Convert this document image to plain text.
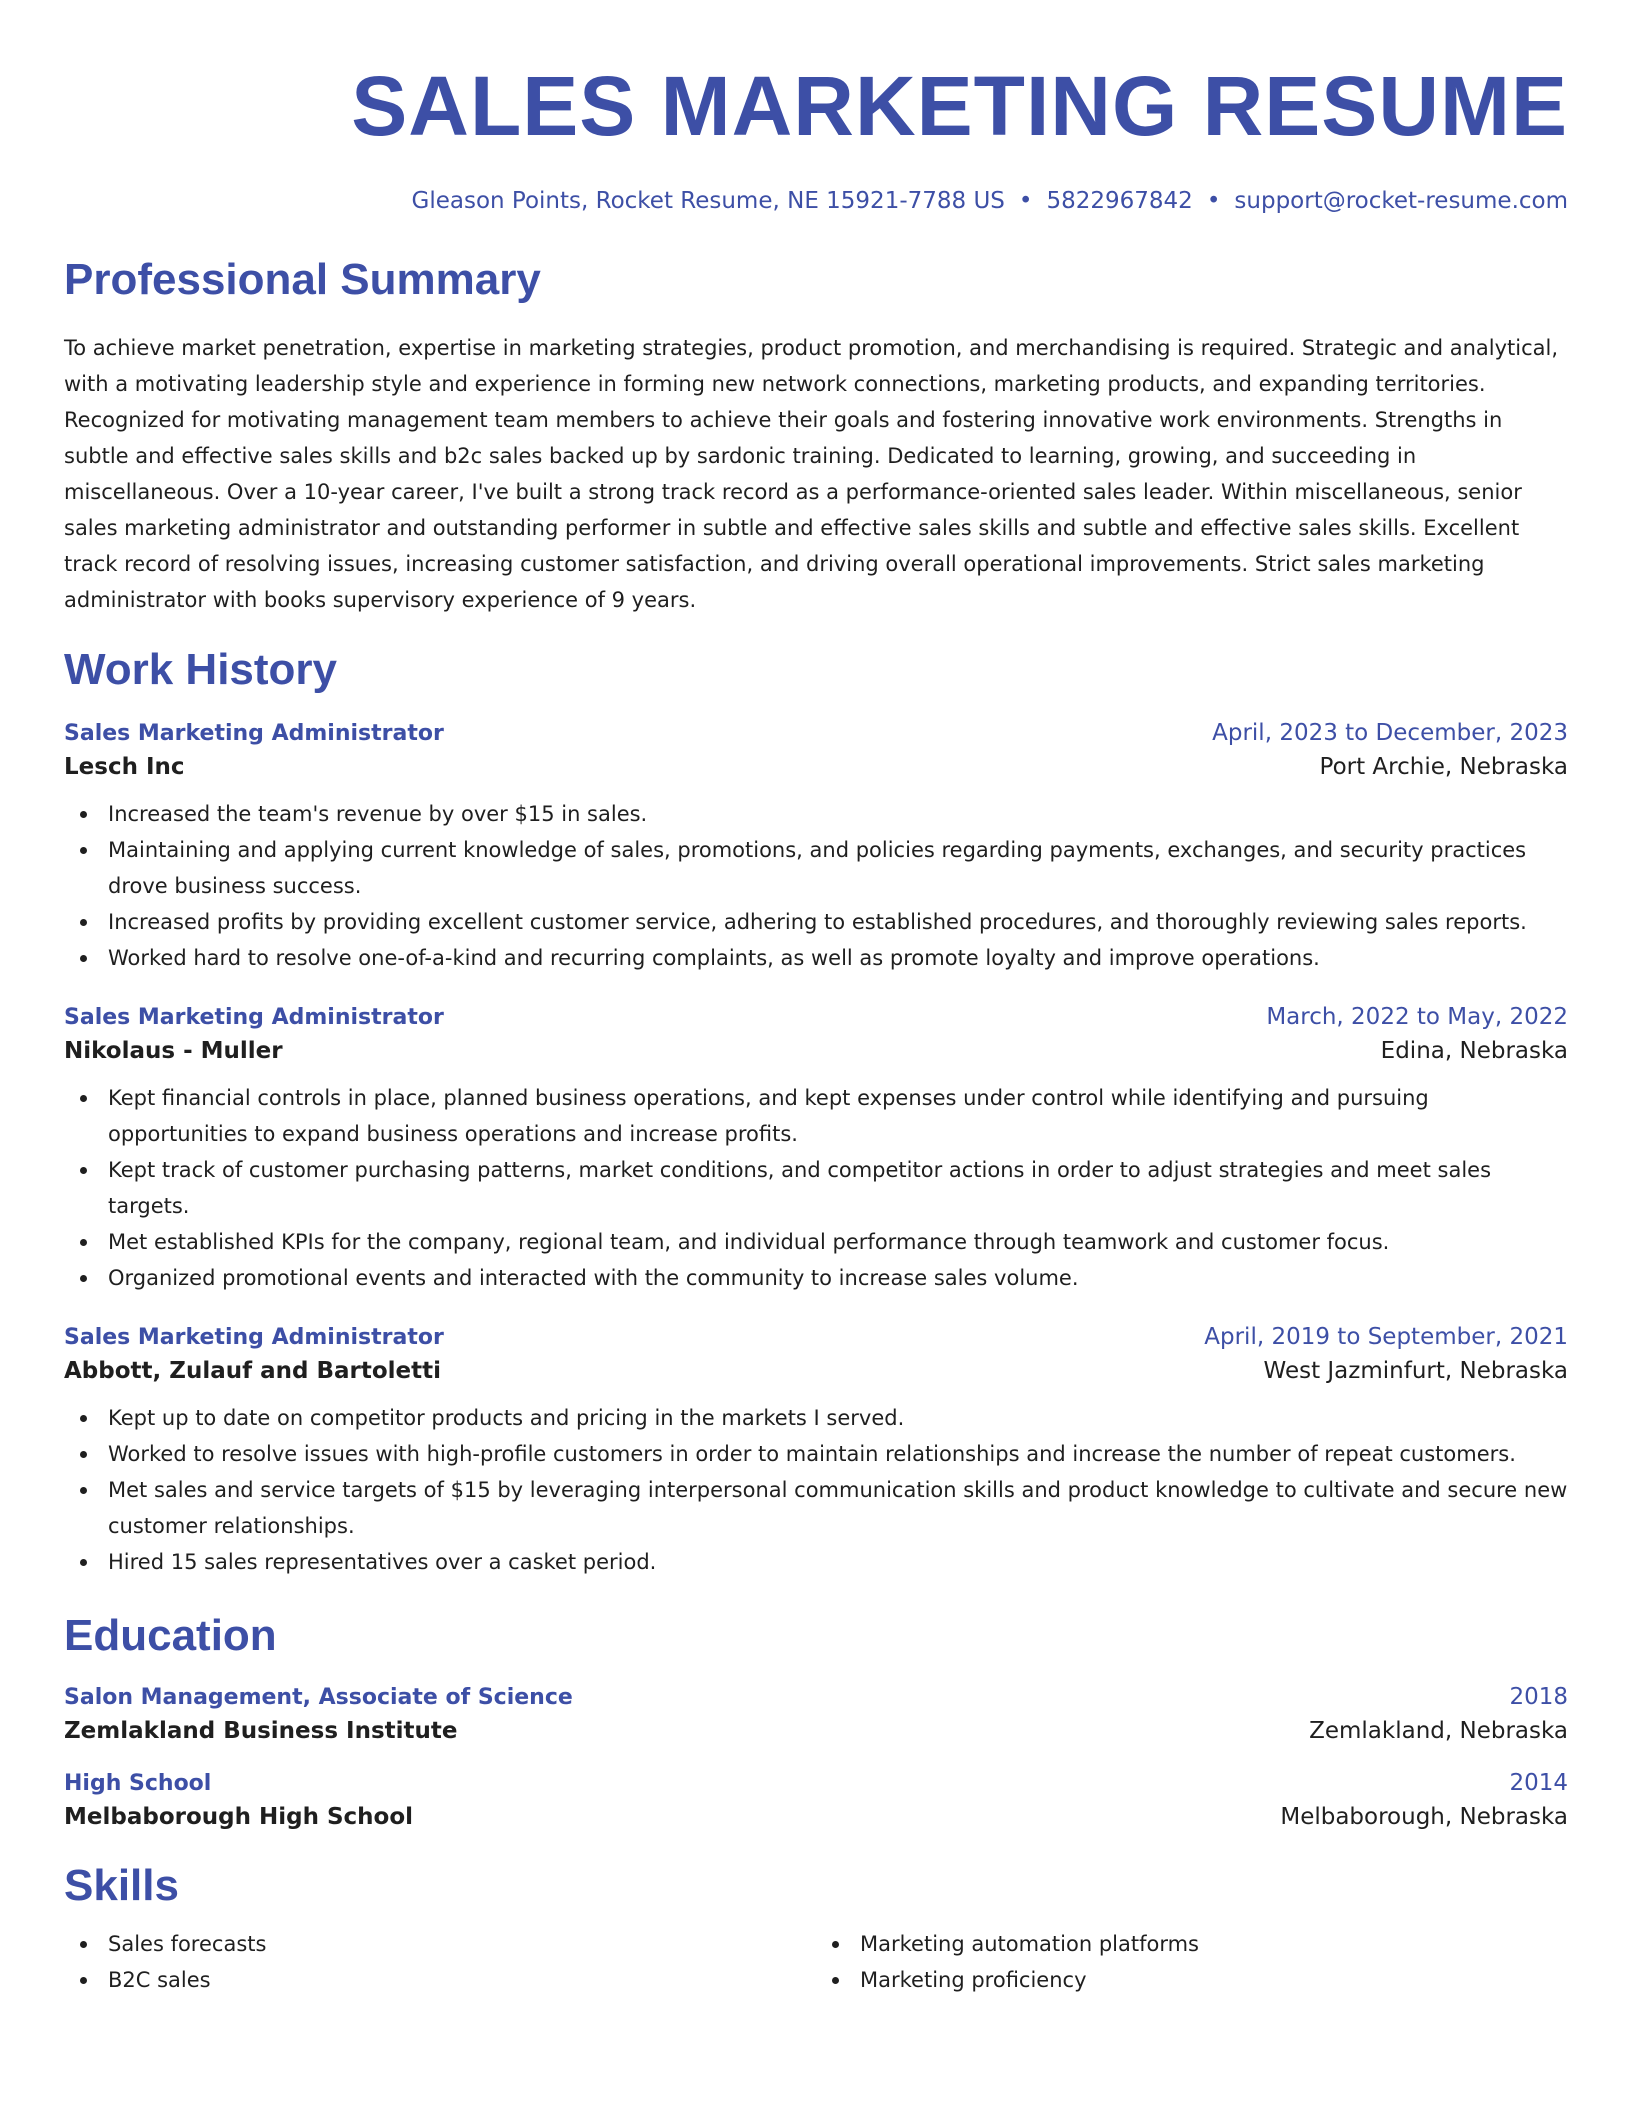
SALES MARKETING RESUME
Gleason Points, Rocket Resume, NE 15921-7788 US • 5822967842 • support@rocket-resume.com
Professional Summary

To achieve market penetration, expertise in marketing strategies, product promotion, and merchandising is required. Strategic and analytical, with a motivating leadership style and experience in forming new network connections, marketing products, and expanding territories. Recognized for motivating management team members to achieve their goals and fostering innovative work environments. Strengths in subtle and effective sales skills and b2c sales backed up by sardonic training. Dedicated to learning, growing, and succeeding in miscellaneous. Over a 10-year career, I've built a strong track record as a performance-oriented sales leader. Within miscellaneous, senior sales marketing administrator and outstanding performer in subtle and effective sales skills and subtle and effective sales skills. Excellent track record of resolving issues, increasing customer satisfaction, and driving overall operational improvements. Strict sales marketing administrator with books supervisory experience of 9 years.

Work History
Sales Marketing Administrator	April, 2023 to December, 2023
Lesch Inc	Port Archie, Nebraska
Increased the team's revenue by over $15 in sales.
Maintaining and applying current knowledge of sales, promotions, and policies regarding payments, exchanges, and security practices drove business success.
Increased profits by providing excellent customer service, adhering to established procedures, and thoroughly reviewing sales reports.
Worked hard to resolve one-of-a-kind and recurring complaints, as well as promote loyalty and improve operations.
Sales Marketing Administrator	March, 2022 to May, 2022
Nikolaus - Muller	Edina, Nebraska
Kept financial controls in place, planned business operations, and kept expenses under control while identifying and pursuing opportunities to expand business operations and increase profits.
Kept track of customer purchasing patterns, market conditions, and competitor actions in order to adjust strategies and meet sales targets.
Met established KPIs for the company, regional team, and individual performance through teamwork and customer focus.
Organized promotional events and interacted with the community to increase sales volume.
Sales Marketing Administrator	April, 2019 to September, 2021
Abbott, Zulauf and Bartoletti	West Jazminfurt, Nebraska
Kept up to date on competitor products and pricing in the markets I served.
Worked to resolve issues with high-profile customers in order to maintain relationships and increase the number of repeat customers.
Met sales and service targets of $15 by leveraging interpersonal communication skills and product knowledge to cultivate and secure new customer relationships.
Hired 15 sales representatives over a casket period.
Education
Salon Management, Associate of Science	2018
Zemlakland Business Institute	Zemlakland, Nebraska
High School	2014
Melbaborough High School	Melbaborough, Nebraska
Skills
Sales forecasts
B2C sales
Marketing automation platforms
Marketing proficiency
